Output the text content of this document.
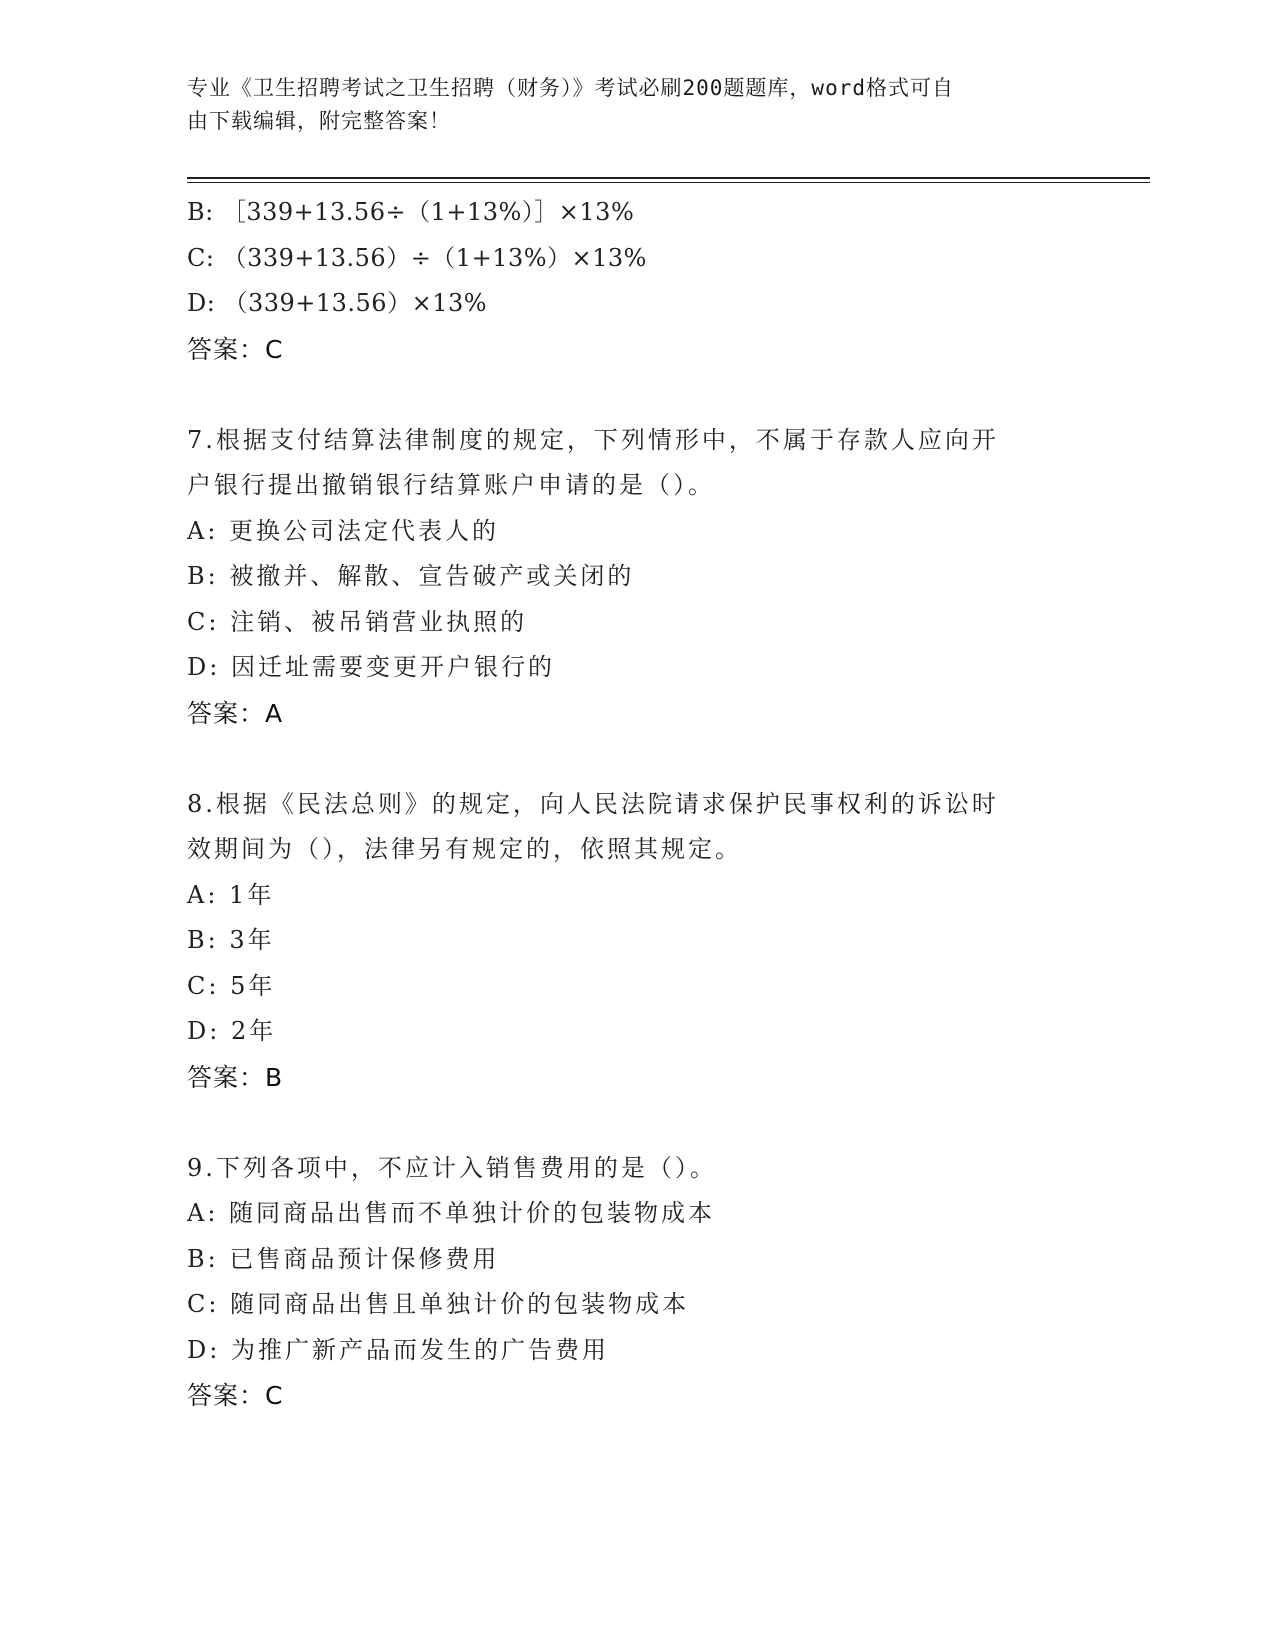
专业《卫生招聘考试之卫生招聘（财务）》考试必刷200题题库，word格式可自
由下载编辑，附完整答案！
B: ［339+13.56÷（1+13%）］×13%
C: （339+13.56）÷（1+13%）×13%
D: （339+13.56）×13%
答案：C
7.根据支付结算法律制度的规定，下列情形中，不属于存款人应向开
户银行提出撤销银行结算账户申请的是（）。
A: 更换公司法定代表人的
B: 被撤并、解散、宣告破产或关闭的
C: 注销、被吊销营业执照的
D: 因迁址需要变更开户银行的
答案：A
8.根据《民法总则》的规定，向人民法院请求保护民事权利的诉讼时
效期间为（），法律另有规定的，依照其规定。
A: 1年
B: 3年
C: 5年
D: 2年
答案：B
9.下列各项中，不应计入销售费用的是（）。
A: 随同商品出售而不单独计价的包装物成本
B: 已售商品预计保修费用
C: 随同商品出售且单独计价的包装物成本
D: 为推广新产品而发生的广告费用
答案：C
